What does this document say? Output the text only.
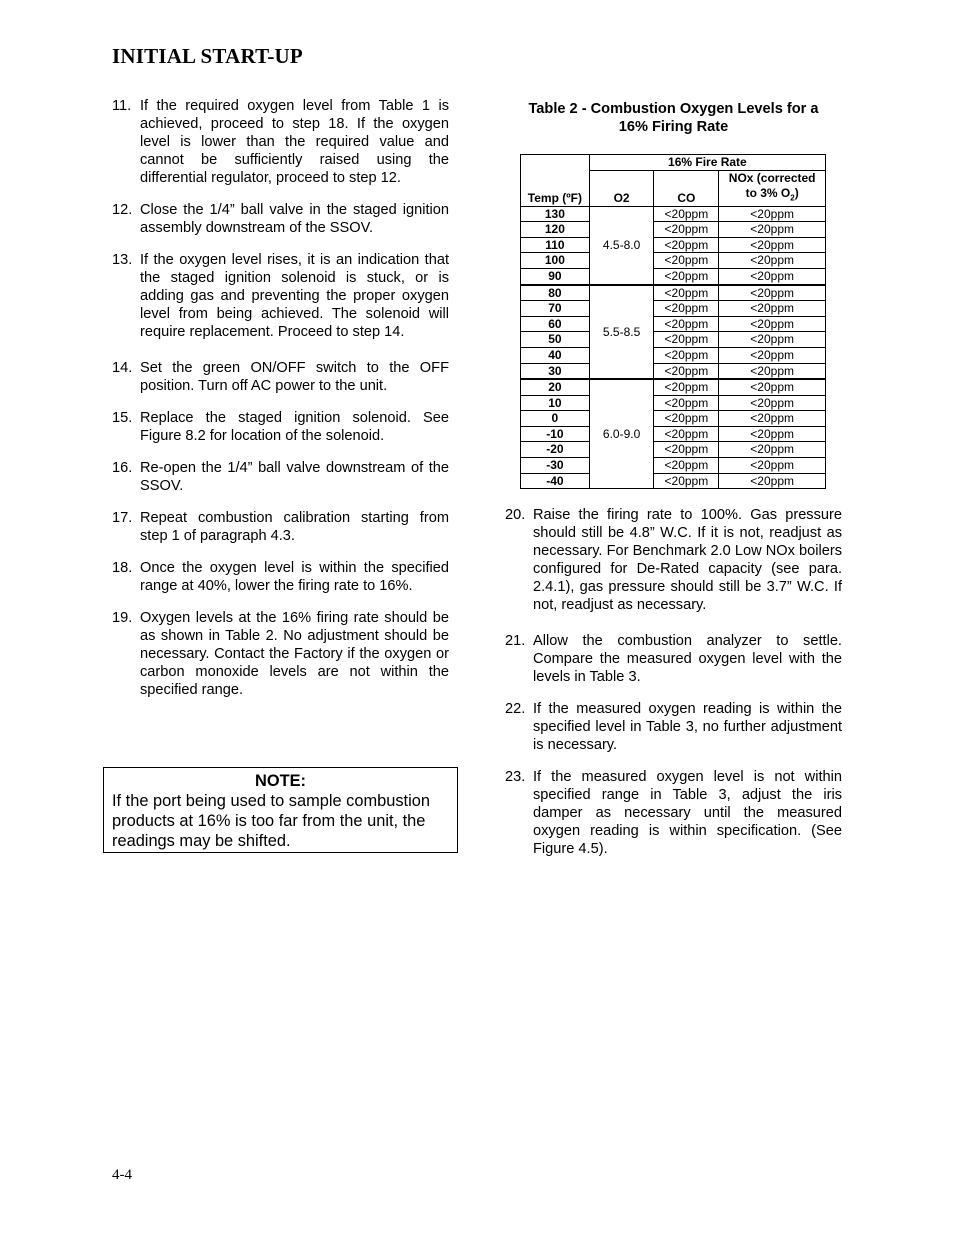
INITIAL START-UP
11. If the required oxygen level from Table 1 is achieved, proceed to step 18. If the oxygen level is lower than the required value and cannot be sufficiently raised using the differential regulator, proceed to step 12.
12. Close the 1/4” ball valve in the staged ignition assembly downstream of the SSOV.
13. If the oxygen level rises, it is an indication that the staged ignition solenoid is stuck, or is adding gas and preventing the proper oxygen level from being achieved. The solenoid will require replacement. Proceed to step 14.
14. Set the green ON/OFF switch to the OFF position. Turn off AC power to the unit.
15. Replace the staged ignition solenoid. See Figure 8.2 for location of the solenoid.
16. Re-open the 1/4” ball valve downstream of the SSOV.
17. Repeat combustion calibration starting from step 1 of paragraph 4.3.
18. Once the oxygen level is within the specified range at 40%, lower the firing rate to 16%.
19. Oxygen levels at the 16% firing rate should be as shown in Table 2. No adjustment should be necessary. Contact the Factory if the oxygen or carbon monoxide levels are not within the specified range.
NOTE:
If the port being used to sample combustion products at 16% is too far from the unit, the readings may be shifted.
Table 2 - Combustion Oxygen Levels for a
16% Firing Rate
	16% Fire Rate		
Temp (ºF)	O2	CO	NOx (corrected
to 3% $O_2$)
130	4.5-8.0	<20ppm	<20ppm
120		<20ppm	<20ppm
110		<20ppm	<20ppm
100		<20ppm	<20ppm
90		<20ppm	<20ppm
80	5.5-8.5	<20ppm	<20ppm
70		<20ppm	<20ppm
60		<20ppm	<20ppm
50		<20ppm	<20ppm
40		<20ppm	<20ppm
30		<20ppm	<20ppm
20	6.0-9.0	<20ppm	<20ppm
10		<20ppm	<20ppm
0		<20ppm	<20ppm
-10		<20ppm	<20ppm
-20		<20ppm	<20ppm
-30		<20ppm	<20ppm
-40		<20ppm	<20ppm
20. Raise the firing rate to 100%. Gas pressure should still be 4.8” W.C. If it is not, readjust as necessary. For Benchmark 2.0 Low NOx boilers configured for De-Rated capacity (see para. 2.4.1), gas pressure should still be 3.7” W.C. If not, readjust as necessary.
21. Allow the combustion analyzer to settle. Compare the measured oxygen level with the levels in Table 3.
22. If the measured oxygen reading is within the specified level in Table 3, no further adjustment is necessary.
23. If the measured oxygen level is not within specified range in Table 3, adjust the iris damper as necessary until the measured oxygen reading is within specification. (See Figure 4.5).
4-4
